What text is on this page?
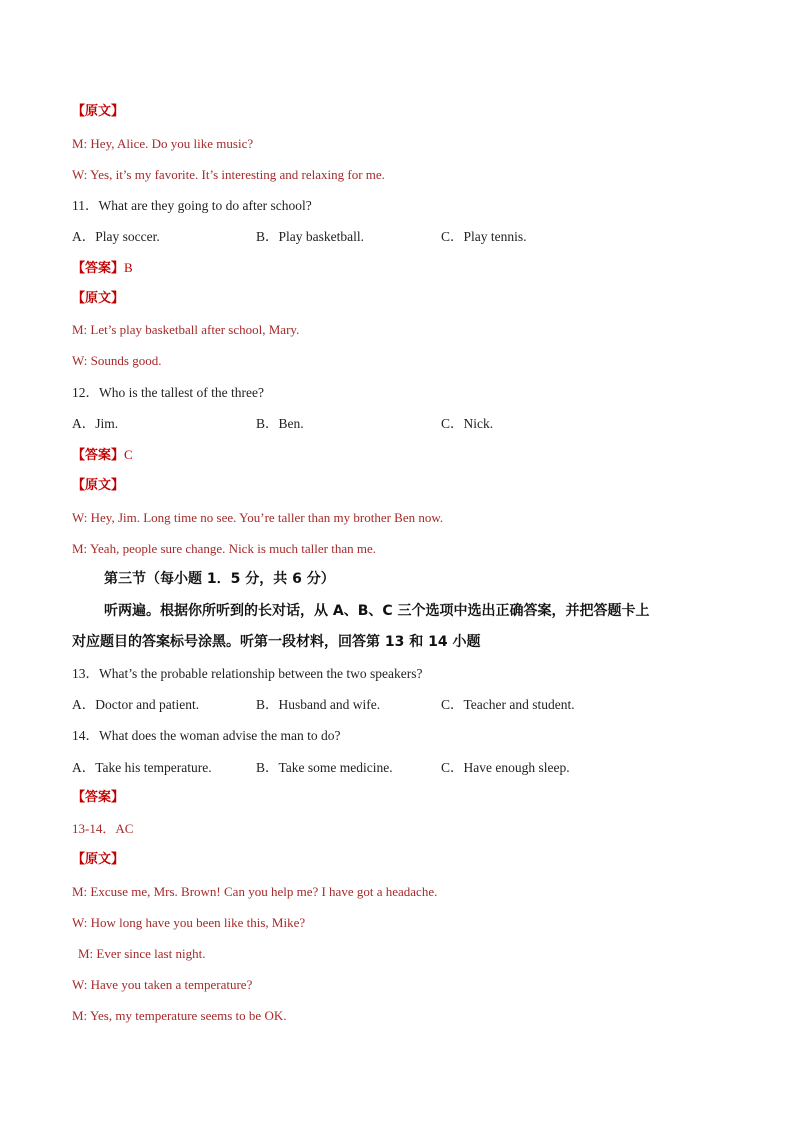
【原文】
M: Hey, Alice. Do you like music?
W: Yes, it’s my favorite. It’s interesting and relaxing for me.
11．What are they going to do after school?
A．Play soccer.	B．Play basketball.	C．Play tennis.
【答案】B
【原文】
M: Let’s play basketball after school, Mary.
W: Sounds good.
12．Who is the tallest of the three?
A．Jim.	B．Ben.	C．Nick.
【答案】C
【原文】
W: Hey, Jim. Long time no see. You’re taller than my brother Ben now.
M: Yeah, people sure change. Nick is much taller than me.
第三节（每小题 1．5 分，共 6 分）
听两遍。根据你所听到的长对话，从 A、B、C 三个选项中选出正确答案，并把答题卡上
对应题目的答案标号涂黑。听第一段材料，回答第 13 和 14 小题
13．What’s the probable relationship between the two speakers?
A．Doctor and patient.	B．Husband and wife.	C．Teacher and student.
14．What does the woman advise the man to do?
A．Take his temperature.	B．Take some medicine.	C．Have enough sleep.
【答案】
13-14．AC
【原文】
M: Excuse me, Mrs. Brown! Can you help me? I have got a headache.
W: How long have you been like this, Mike?
M: Ever since last night.
W: Have you taken a temperature?
M: Yes, my temperature seems to be OK.
